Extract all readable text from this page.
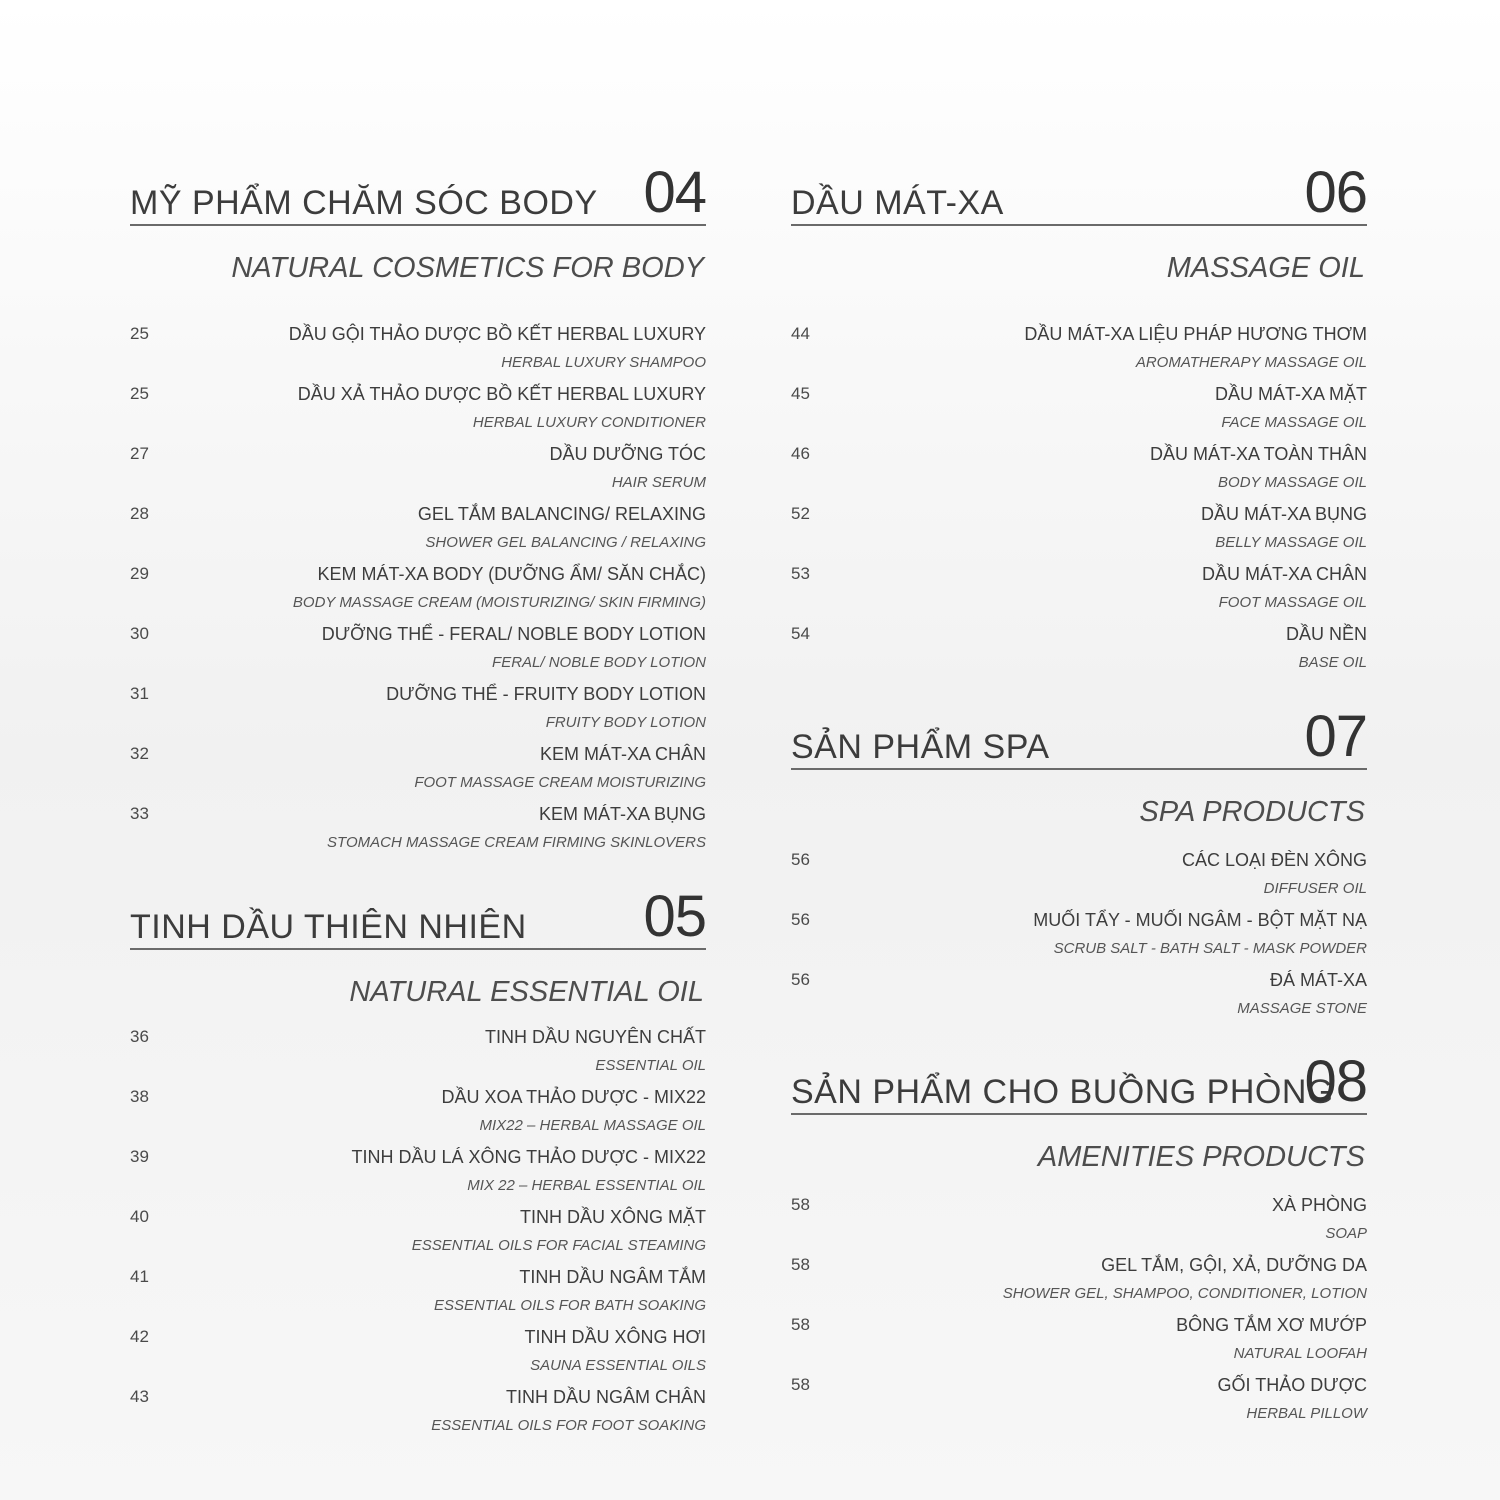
MỸ PHẨM CHĂM SÓC BODY 04
NATURAL COSMETICS FOR BODY
25	DẦU GỘI THẢO DƯỢC BỒ KẾT HERBAL LUXURY
HERBAL LUXURY SHAMPOO
25	DẦU XẢ THẢO DƯỢC BỒ KẾT HERBAL LUXURY
HERBAL LUXURY CONDITIONER
27	DẦU DƯỠNG TÓC
HAIR SERUM
28	GEL TẮM BALANCING/ RELAXING
SHOWER GEL BALANCING / RELAXING
29	KEM MÁT-XA BODY (DƯỠNG ẨM/ SĂN CHẮC)
BODY MASSAGE CREAM (MOISTURIZING/ SKIN FIRMING)
30	DƯỠNG THỂ - FERAL/ NOBLE BODY LOTION
FERAL/ NOBLE BODY LOTION
31	DƯỠNG THỂ - FRUITY BODY LOTION
FRUITY BODY LOTION
32	KEM MÁT-XA CHÂN
FOOT MASSAGE CREAM MOISTURIZING
33	KEM MÁT-XA BỤNG
STOMACH MASSAGE CREAM FIRMING SKINLOVERS
TINH DẦU THIÊN NHIÊN 05
NATURAL ESSENTIAL OIL
36	TINH DẦU NGUYÊN CHẤT
ESSENTIAL OIL
38	DẦU XOA THẢO DƯỢC - MIX22
MIX22 – HERBAL MASSAGE OIL
39	TINH DẦU LÁ XÔNG THẢO DƯỢC - MIX22
MIX 22 – HERBAL ESSENTIAL OIL
40	TINH DẦU XÔNG MẶT
ESSENTIAL OILS FOR FACIAL STEAMING
41	TINH DẦU NGÂM TẮM
ESSENTIAL OILS FOR BATH SOAKING
42	TINH DẦU XÔNG HƠI
SAUNA ESSENTIAL OILS
43	TINH DẦU NGÂM CHÂN
ESSENTIAL OILS FOR FOOT SOAKING
DẦU MÁT-XA	06
MASSAGE OIL
44	DẦU MÁT-XA LIỆU PHÁP HƯƠNG THƠM
AROMATHERAPY MASSAGE OIL
45	DẦU MÁT-XA MẶT
FACE MASSAGE OIL
46	DẦU MÁT-XA TOÀN THÂN
BODY MASSAGE OIL
52	DẦU MÁT-XA BỤNG
BELLY MASSAGE OIL
53	DẦU MÁT-XA CHÂN
FOOT MASSAGE OIL
54	DẦU NỀN
BASE OIL
SẢN PHẨM SPA	07
SPA PRODUCTS
56	CÁC LOẠI ĐÈN XÔNG
DIFFUSER OIL
56	MUỐI TẨY - MUỐI NGÂM - BỘT MẶT NẠ
SCRUB SALT - BATH SALT - MASK POWDER
56	ĐÁ MÁT-XA
MASSAGE STONE
SẢN PHẨM CHO BUỒNG PHÒNG
08
AMENITIES PRODUCTS
58	XÀ PHÒNG
SOAP
58	GEL TẮM, GỘI, XẢ, DƯỠNG DA
SHOWER GEL, SHAMPOO, CONDITIONER, LOTION
58	BÔNG TẮM XƠ MƯỚP
NATURAL LOOFAH
58	GỐI THẢO DƯỢC
HERBAL PILLOW
